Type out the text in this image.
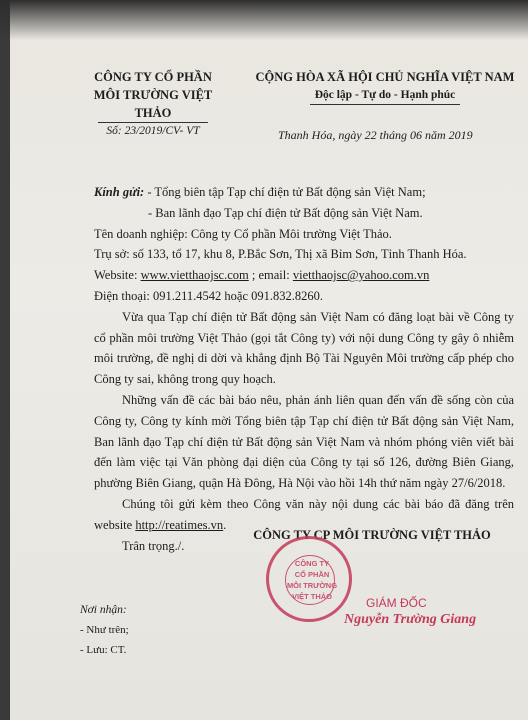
CÔNG TY CỔ PHẦN
MÔI TRƯỜNG VIỆT THẢO
Số: 23/2019/CV- VT
CỘNG HÒA XÃ HỘI CHỦ NGHĨA VIỆT NAM
Độc lập - Tự do - Hạnh phúc
Thanh Hóa, ngày 22 tháng 06 năm 2019

Kính gửi: - Tổng biên tập Tạp chí điện tử Bất động sản Việt Nam;

- Ban lãnh đạo Tạp chí điện tử Bất động sản Việt Nam.

Tên doanh nghiệp: Công ty Cổ phần Môi trường Việt Thảo.

Trụ sở: số 133, tổ 17, khu 8, P.Bắc Sơn, Thị xã Bỉm Sơn, Tỉnh Thanh Hóa.

Website: www.vietthaojsc.com ; email: vietthaojsc@yahoo.com.vn

Điện thoại: 091.211.4542 hoặc 091.832.8260.

Vừa qua Tạp chí điện tử Bất động sản Việt Nam có đăng loạt bài về Công ty cổ phần môi trường Việt Thảo (gọi tắt Công ty) với nội dung Công ty gây ô nhiễm môi trường, đề nghị di dời và khẳng định Bộ Tài Nguyên Môi trường cấp phép cho Công ty sai, không trong quy hoạch.

Những vấn đề các bài báo nêu, phản ánh liên quan đến vấn đề sống còn của Công ty, Công ty kính mời Tổng biên tập Tạp chí điện tử Bất động sản Việt Nam, Ban lãnh đạo Tạp chí điện tử Bất động sản Việt Nam và nhóm phóng viên viết bài đến làm việc tại Văn phòng đại diện của Công ty tại số 126, đường Biên Giang, phường Biên Giang, quận Hà Đông, Hà Nội vào hồi 14h thứ năm ngày 27/6/2018.

Chúng tôi gửi kèm theo Công văn này nội dung các bài báo đã đăng trên website http://reatimes.vn.

Trân trọng./.

CÔNG TY CP MÔI TRƯỜNG VIỆT THẢO
CÔNG TY
CỔ PHẦN
MÔI TRƯỜNG
VIỆT THẢO	GIÁM ĐỐC
Nguyễn Trường Giang
Nơi nhận:
- Như trên;
- Lưu: CT.
